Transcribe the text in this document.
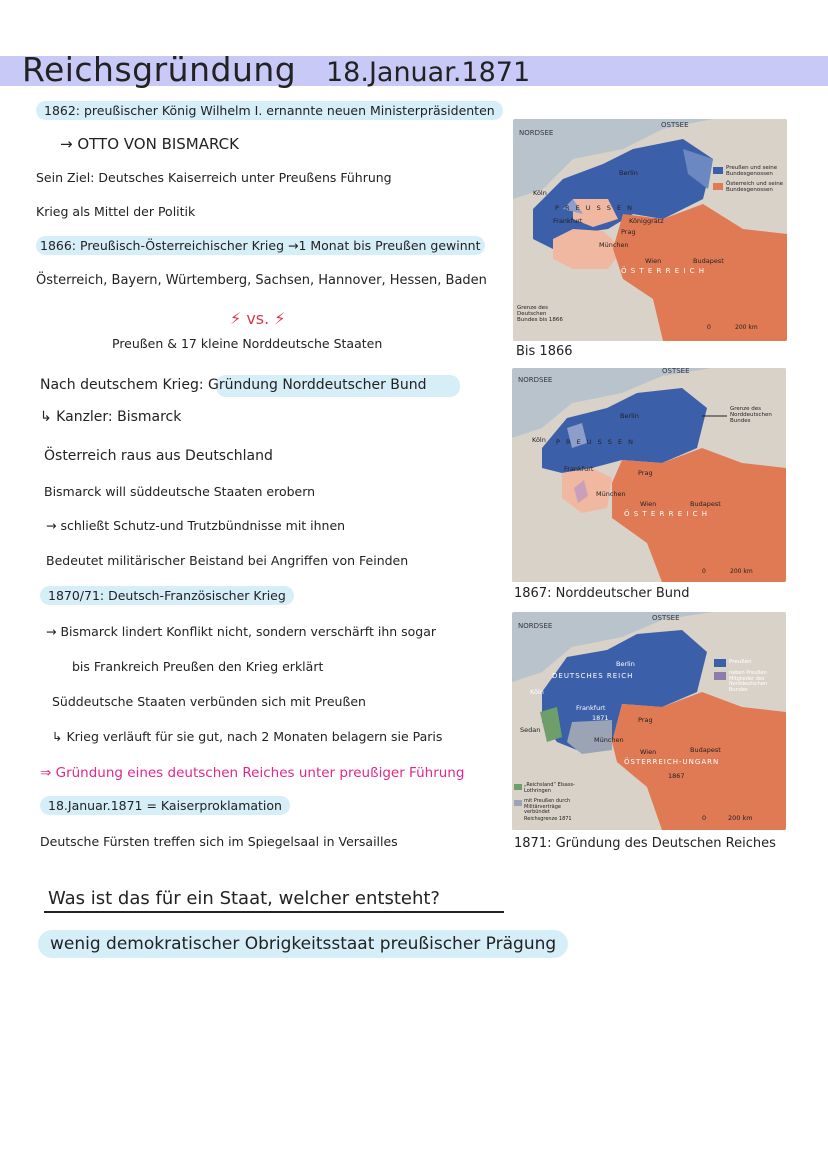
Reichsgründung 18.Januar.1871
1862: preußischer König Wilhelm I. ernannte neuen Ministerpräsidenten
→ OTTO VON BISMARCK
Sein Ziel: Deutsches Kaiserreich unter Preußens Führung
Krieg als Mittel der Politik
1866: Preußisch-Österreichischer Krieg →1 Monat bis Preußen gewinnt
Österreich, Bayern, Würtemberg, Sachsen, Hannover, Hessen, Baden
⚡ vs. ⚡
Preußen & 17 kleine Norddeutsche Staaten
Nach deutschem Krieg: Gründung Norddeutscher Bund
↳ Kanzler: Bismarck
Österreich raus aus Deutschland
Bismarck will süddeutsche Staaten erobern
→ schließt Schutz-und Trutzbündnisse mit ihnen
Bedeutet militärischer Beistand bei Angriffen von Feinden
1870/71: Deutsch-Französischer Krieg
→ Bismarck lindert Konflikt nicht, sondern verschärft ihn sogar
bis Frankreich Preußen den Krieg erklärt
Süddeutsche Staaten verbünden sich mit Preußen
↳ Krieg verläuft für sie gut, nach 2 Monaten belagern sie Paris
⇒ Gründung eines deutschen Reiches unter preußiger Führung
18.Januar.1871 = Kaiserproklamation
Deutsche Fürsten treffen sich im Spiegelsaal in Versailles
Was ist das für ein Staat, welcher entsteht?
wenig demokratischer Obrigkeitsstaat preußischer Prägung
NORDSEE
OSTSEE
Berlin
Köln
P R E U S S E N
Frankfurt	Königgrätz
Prag
München
Wien	Budapest
Ö S T E R R E I C H
Preußen und seine Bundesgenossen
Österreich und seine Bundesgenossen
Grenze des Deutschen Bundes bis 1866
0	200 km
Bis 1866
NORDSEE
OSTSEE
Berlin
P R E U S S E N
Köln
Frankfurt	Prag
München
Wien	Budapest
Ö S T E R R E I C H
Grenze des Norddeutschen Bundes
0	200 km
1867: Norddeutscher Bund
NORDSEE
OSTSEE
Berlin
DEUTSCHES REICH
Köln
Frankfurt
1871
Sedan
Prag
München
Wien	Budapest
ÖSTERREICH-UNGARN
1867
Preußen
neben Preußen Mitglieder des Norddeutschen Bundes
„Reichsland“ Elsass-Lothringen
mit Preußen durch Militärverträge verbündet
Reichsgrenze 1871	0	200 km
1871: Gründung des Deutschen Reiches
